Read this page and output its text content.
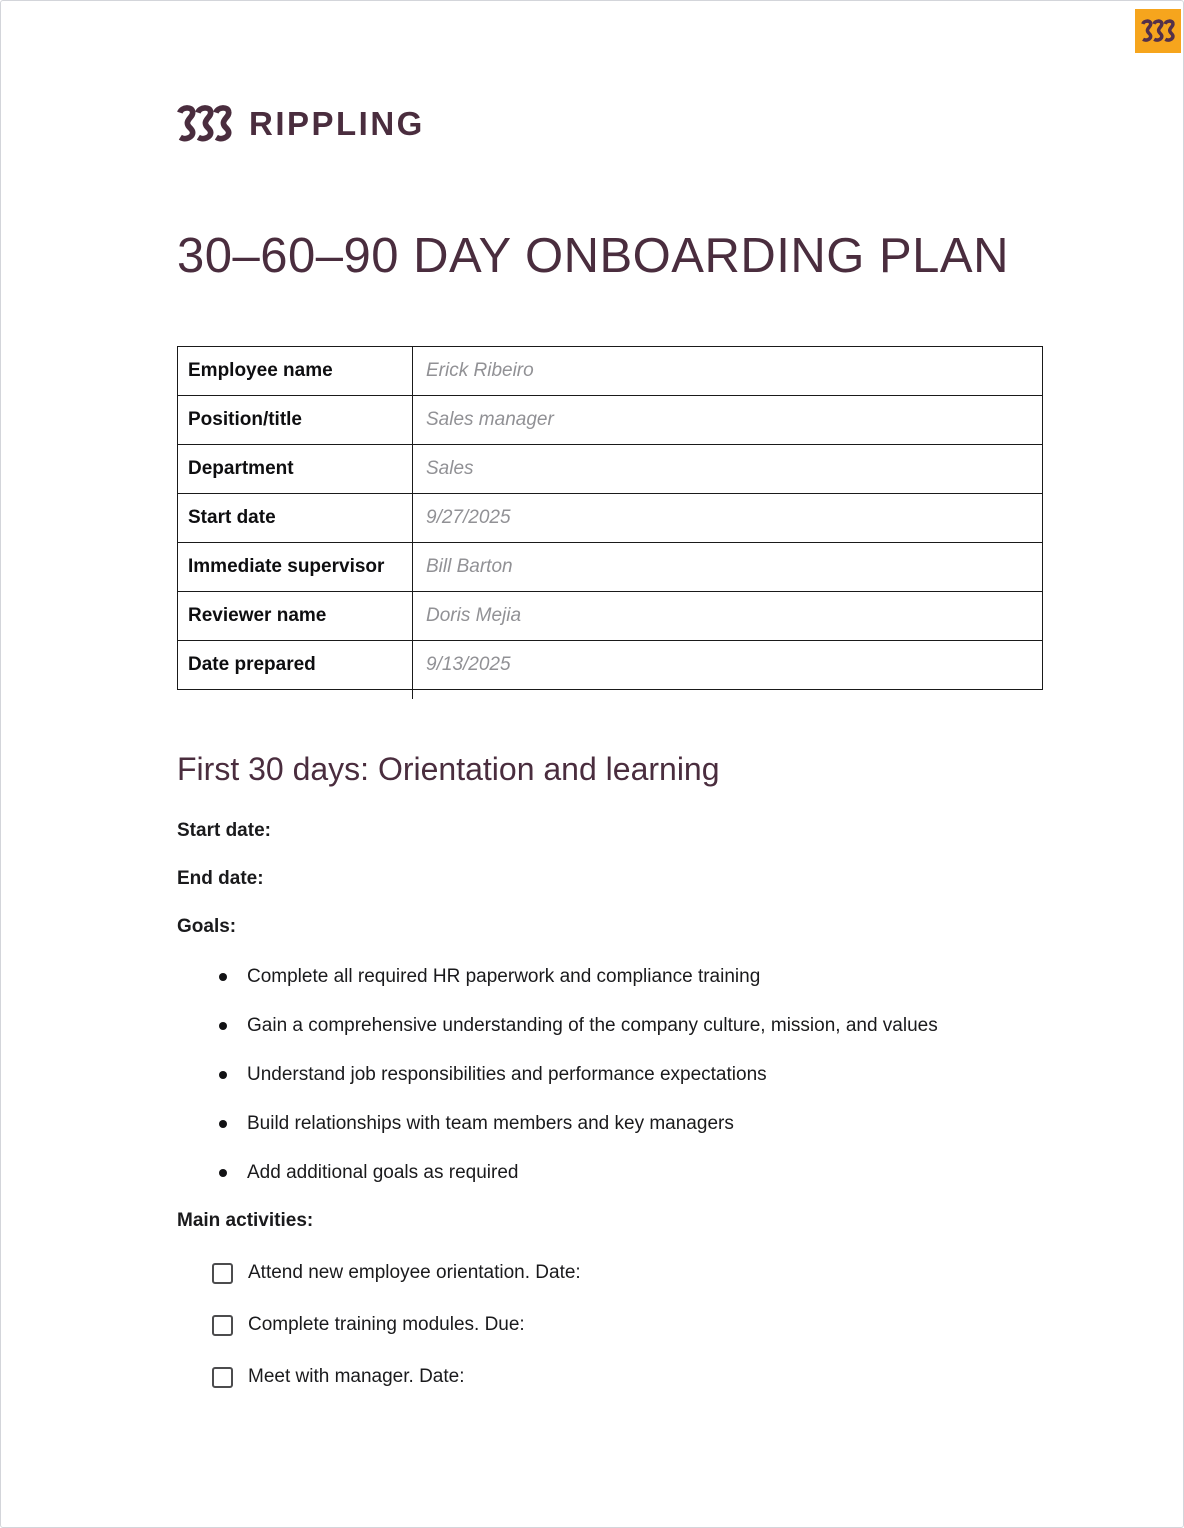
RIPPLING
30–60–90 DAY ONBOARDING PLAN
Employee name	Erick Ribeiro
Position/title	Sales manager
Department	Sales
Start date	9/27/2025
Immediate supervisor	Bill Barton
Reviewer name	Doris Mejia
Date prepared	9/13/2025
First 30 days: Orientation and learning

Start date:

End date:

Goals:

Complete all required HR paperwork and compliance training
Gain a comprehensive understanding of the company culture, mission, and values
Understand job responsibilities and performance expectations
Build relationships with team members and key managers
Add additional goals as required

Main activities:

Attend new employee orientation. Date:
Complete training modules. Due:
Meet with manager. Date:
